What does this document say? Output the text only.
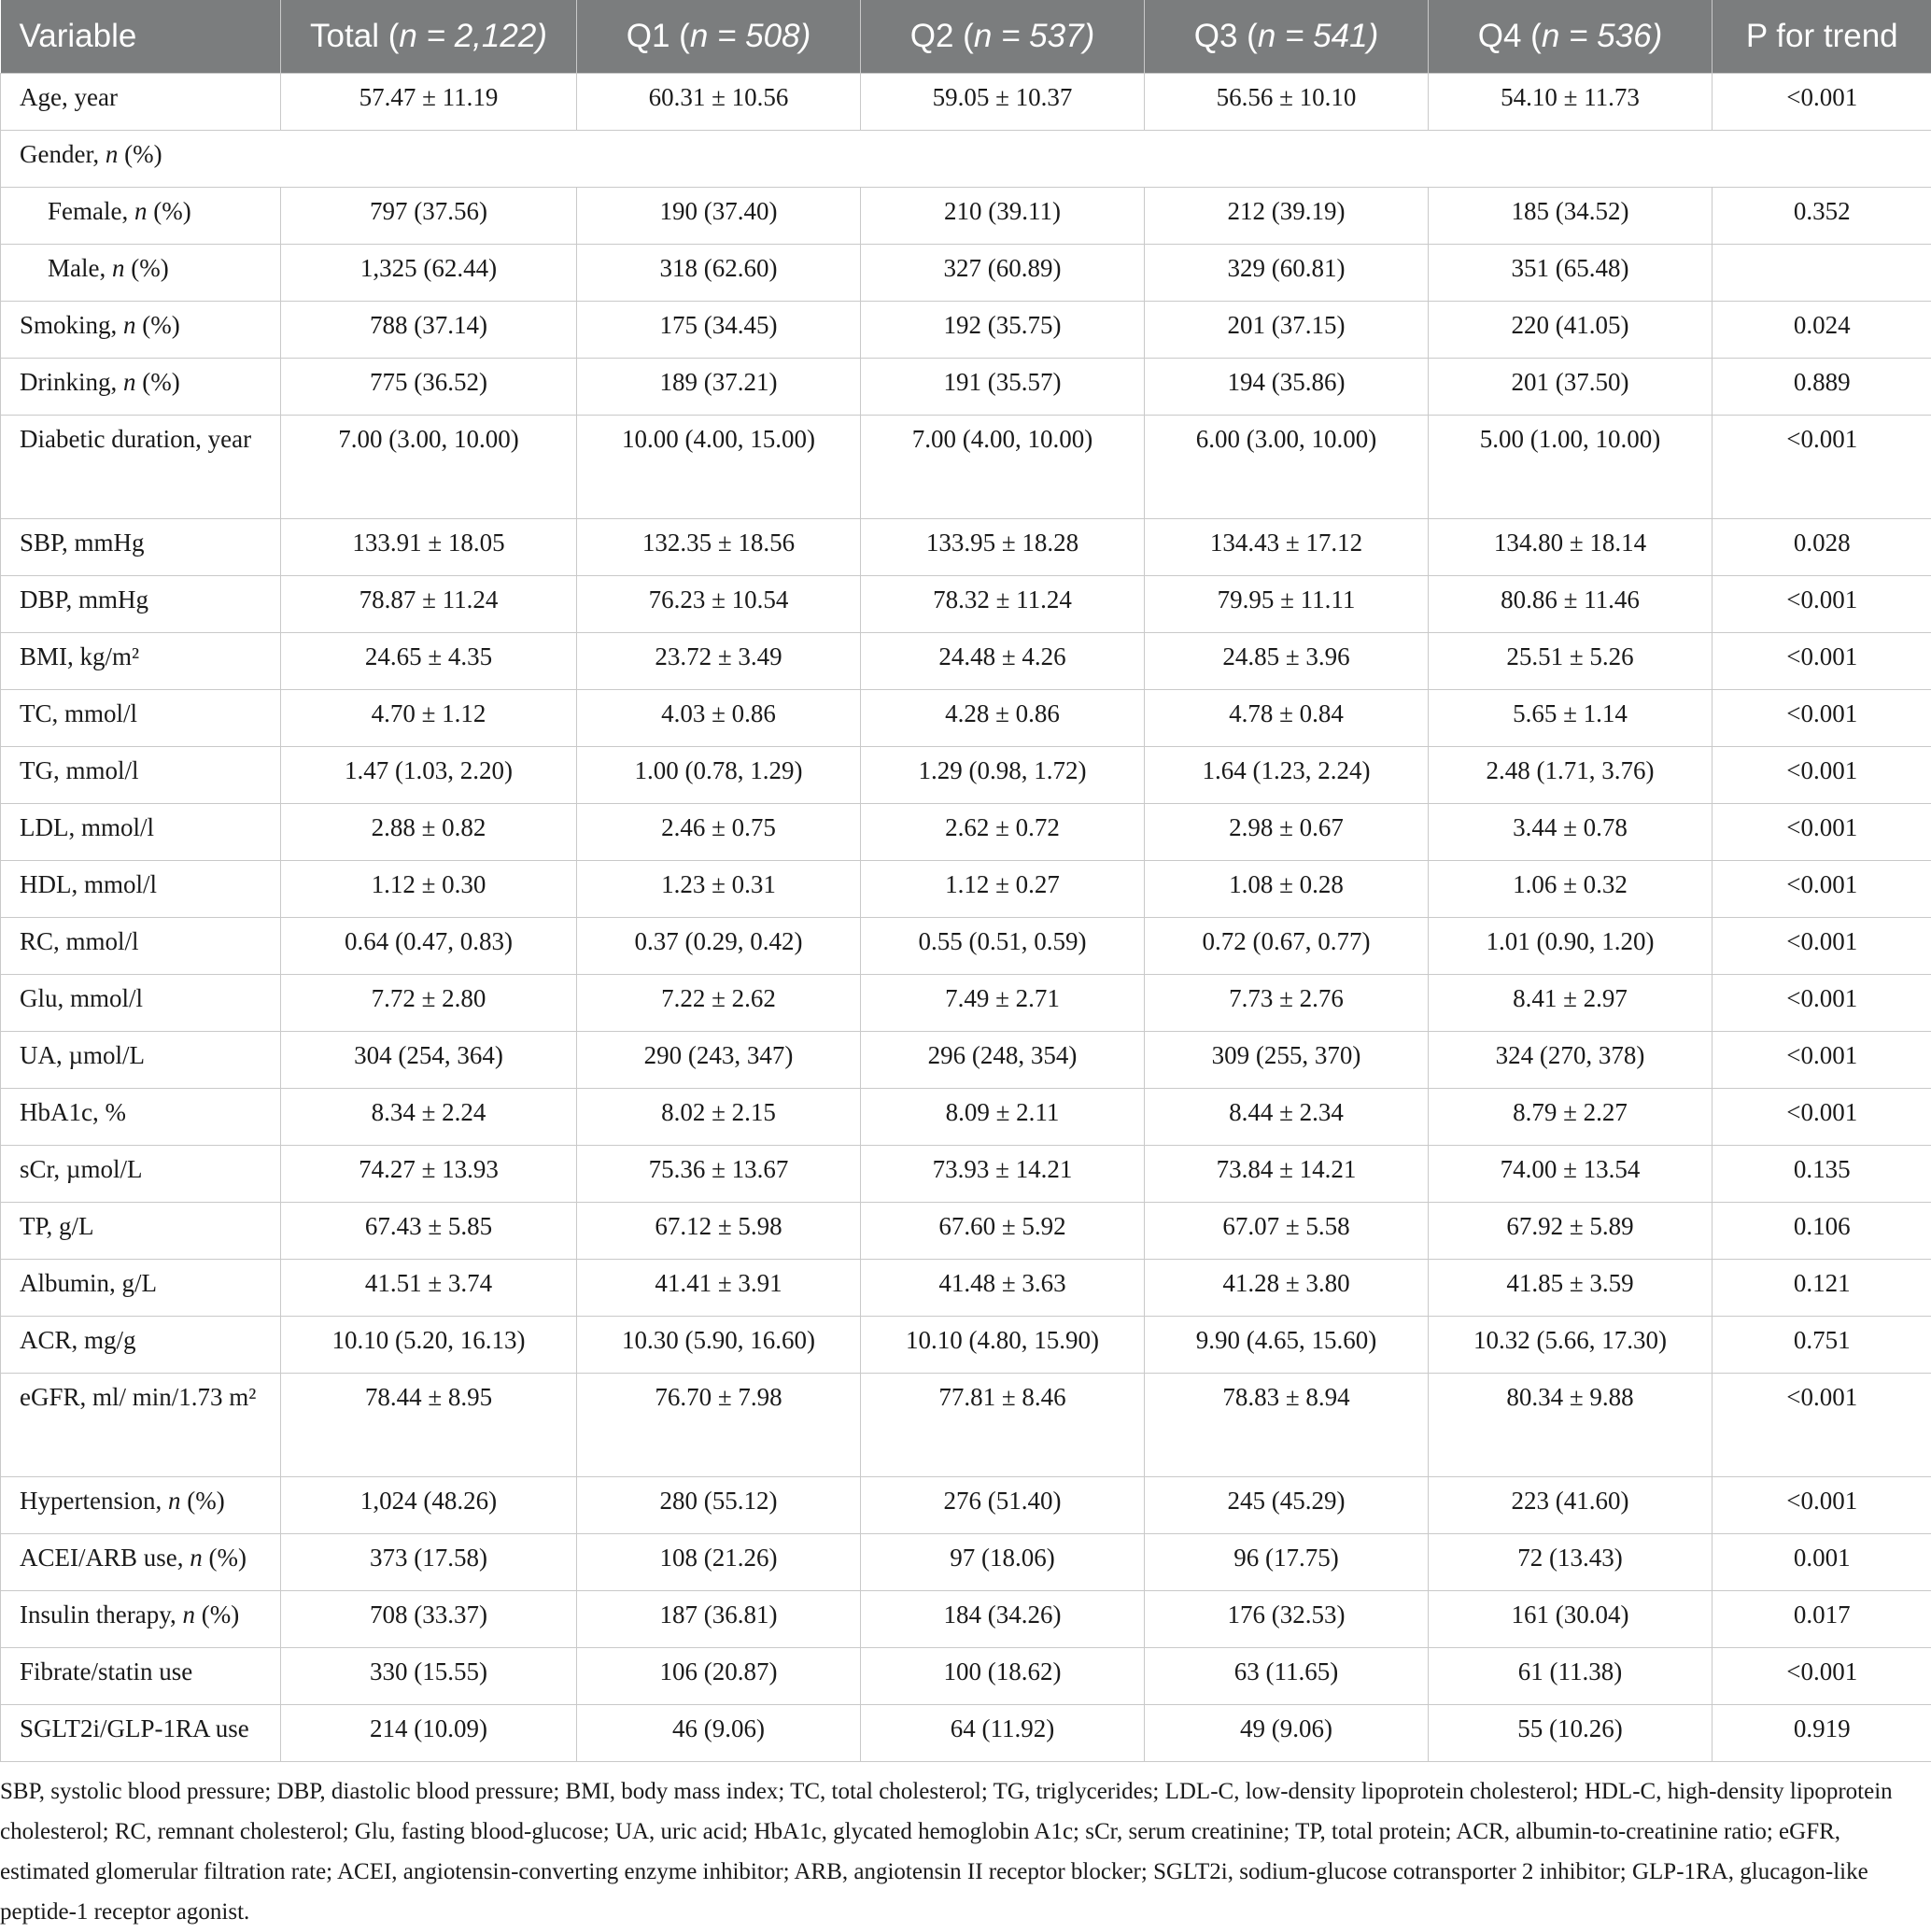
Variable	Total (n = 2,122)	Q1 (n = 508)	Q2 (n = 537)	Q3 (n = 541)	Q4 (n = 536)	P for trend
Age, year	57.47 ± 11.19	60.31 ± 10.56	59.05 ± 10.37	56.56 ± 10.10	54.10 ± 11.73	<0.001
Gender, n (%)						
Female, n (%)	797 (37.56)	190 (37.40)	210 (39.11)	212 (39.19)	185 (34.52)	0.352
Male, n (%)	1,325 (62.44)	318 (62.60)	327 (60.89)	329 (60.81)	351 (65.48)	
Smoking, n (%)	788 (37.14)	175 (34.45)	192 (35.75)	201 (37.15)	220 (41.05)	0.024
Drinking, n (%)	775 (36.52)	189 (37.21)	191 (35.57)	194 (35.86)	201 (37.50)	0.889
Diabetic duration, year	7.00 (3.00, 10.00)	10.00 (4.00, 15.00)	7.00 (4.00, 10.00)	6.00 (3.00, 10.00)	5.00 (1.00, 10.00)	<0.001
SBP, mmHg	133.91 ± 18.05	132.35 ± 18.56	133.95 ± 18.28	134.43 ± 17.12	134.80 ± 18.14	0.028
DBP, mmHg	78.87 ± 11.24	76.23 ± 10.54	78.32 ± 11.24	79.95 ± 11.11	80.86 ± 11.46	<0.001
BMI, kg/m²	24.65 ± 4.35	23.72 ± 3.49	24.48 ± 4.26	24.85 ± 3.96	25.51 ± 5.26	<0.001
TC, mmol/l	4.70 ± 1.12	4.03 ± 0.86	4.28 ± 0.86	4.78 ± 0.84	5.65 ± 1.14	<0.001
TG, mmol/l	1.47 (1.03, 2.20)	1.00 (0.78, 1.29)	1.29 (0.98, 1.72)	1.64 (1.23, 2.24)	2.48 (1.71, 3.76)	<0.001
LDL, mmol/l	2.88 ± 0.82	2.46 ± 0.75	2.62 ± 0.72	2.98 ± 0.67	3.44 ± 0.78	<0.001
HDL, mmol/l	1.12 ± 0.30	1.23 ± 0.31	1.12 ± 0.27	1.08 ± 0.28	1.06 ± 0.32	<0.001
RC, mmol/l	0.64 (0.47, 0.83)	0.37 (0.29, 0.42)	0.55 (0.51, 0.59)	0.72 (0.67, 0.77)	1.01 (0.90, 1.20)	<0.001
Glu, mmol/l	7.72 ± 2.80	7.22 ± 2.62	7.49 ± 2.71	7.73 ± 2.76	8.41 ± 2.97	<0.001
UA, µmol/L	304 (254, 364)	290 (243, 347)	296 (248, 354)	309 (255, 370)	324 (270, 378)	<0.001
HbA1c, %	8.34 ± 2.24	8.02 ± 2.15	8.09 ± 2.11	8.44 ± 2.34	8.79 ± 2.27	<0.001
sCr, µmol/L	74.27 ± 13.93	75.36 ± 13.67	73.93 ± 14.21	73.84 ± 14.21	74.00 ± 13.54	0.135
TP, g/L	67.43 ± 5.85	67.12 ± 5.98	67.60 ± 5.92	67.07 ± 5.58	67.92 ± 5.89	0.106
Albumin, g/L	41.51 ± 3.74	41.41 ± 3.91	41.48 ± 3.63	41.28 ± 3.80	41.85 ± 3.59	0.121
ACR, mg/g	10.10 (5.20, 16.13)	10.30 (5.90, 16.60)	10.10 (4.80, 15.90)	9.90 (4.65, 15.60)	10.32 (5.66, 17.30)	0.751
eGFR, ml/ min/1.73 m²	78.44 ± 8.95	76.70 ± 7.98	77.81 ± 8.46	78.83 ± 8.94	80.34 ± 9.88	<0.001
Hypertension, n (%)	1,024 (48.26)	280 (55.12)	276 (51.40)	245 (45.29)	223 (41.60)	<0.001
ACEI/ARB use, n (%)	373 (17.58)	108 (21.26)	97 (18.06)	96 (17.75)	72 (13.43)	0.001
Insulin therapy, n (%)	708 (33.37)	187 (36.81)	184 (34.26)	176 (32.53)	161 (30.04)	0.017
Fibrate/statin use	330 (15.55)	106 (20.87)	100 (18.62)	63 (11.65)	61 (11.38)	<0.001
SGLT2i/GLP-1RA use	214 (10.09)	46 (9.06)	64 (11.92)	49 (9.06)	55 (10.26)	0.919
SBP, systolic blood pressure; DBP, diastolic blood pressure; BMI, body mass index; TC, total cholesterol; TG, triglycerides; LDL-C, low-density lipoprotein cholesterol; HDL-C, high-density lipoprotein cholesterol; RC, remnant cholesterol; Glu, fasting blood-glucose; UA, uric acid; HbA1c, glycated hemoglobin A1c; sCr, serum creatinine; TP, total protein; ACR, albumin-to-creatinine ratio; eGFR, estimated glomerular filtration rate; ACEI, angiotensin-converting enzyme inhibitor; ARB, angiotensin II receptor blocker; SGLT2i, sodium-glucose cotransporter 2 inhibitor; GLP-1RA, glucagon-like peptide-1 receptor agonist.
